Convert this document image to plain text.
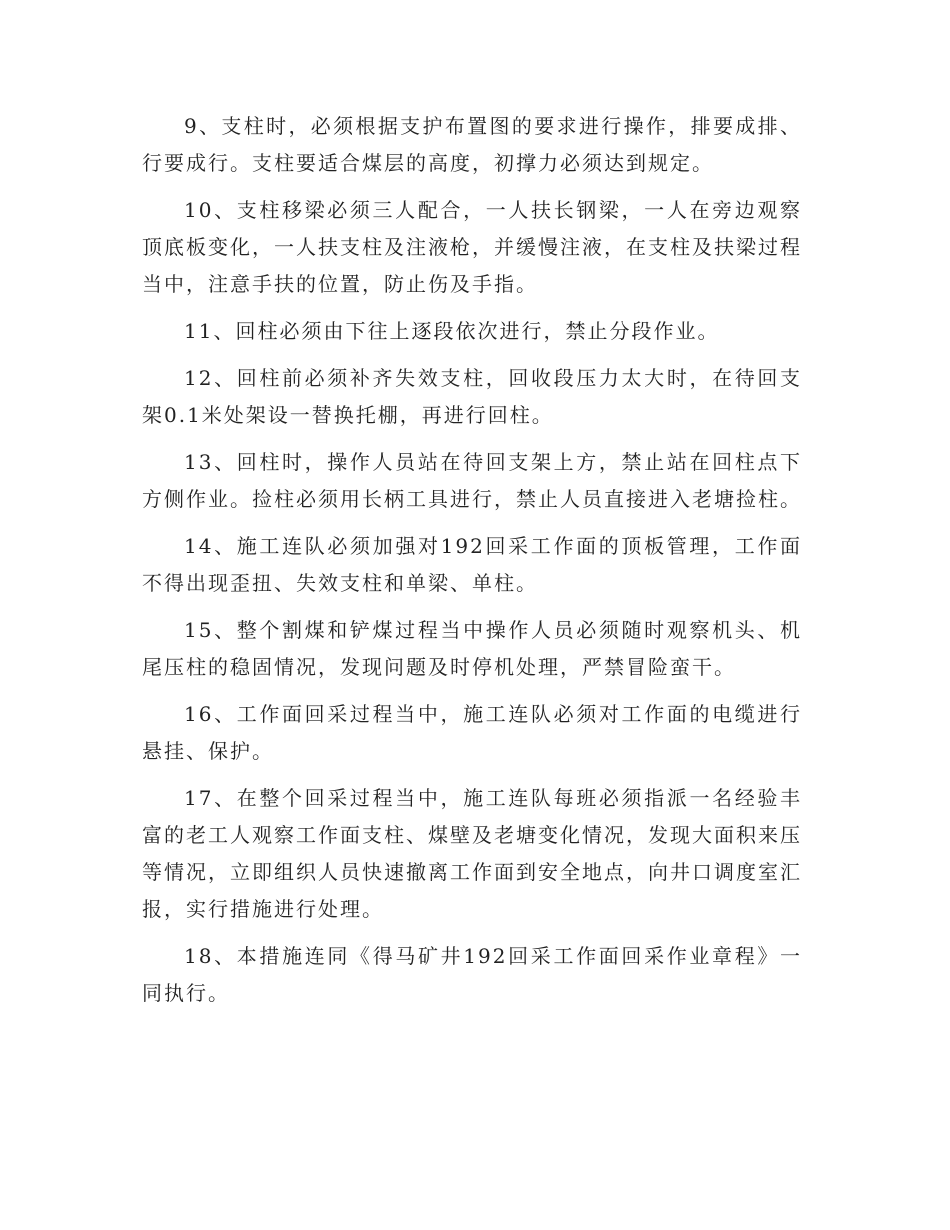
9、支柱时，必须根据支护布置图的要求进行操作，排要成排、行要成行。支柱要适合煤层的高度，初撑力必须达到规定。

10、支柱移梁必须三人配合，一人扶长钢梁，一人在旁边观察顶底板变化，一人扶支柱及注液枪，并缓慢注液，在支柱及扶梁过程当中，注意手扶的位置，防止伤及手指。

11、回柱必须由下往上逐段依次进行，禁止分段作业。

12、回柱前必须补齐失效支柱，回收段压力太大时，在待回支架0.1米处架设一替换托棚，再进行回柱。

13、回柱时，操作人员站在待回支架上方，禁止站在回柱点下方侧作业。捡柱必须用长柄工具进行，禁止人员直接进入老塘捡柱。

14、施工连队必须加强对192回采工作面的顶板管理，工作面不得出现歪扭、失效支柱和单梁、单柱。

15、整个割煤和铲煤过程当中操作人员必须随时观察机头、机尾压柱的稳固情况，发现问题及时停机处理，严禁冒险蛮干。

16、工作面回采过程当中，施工连队必须对工作面的电缆进行悬挂、保护。

17、在整个回采过程当中，施工连队每班必须指派一名经验丰富的老工人观察工作面支柱、煤壁及老塘变化情况，发现大面积来压等情况，立即组织人员快速撤离工作面到安全地点，向井口调度室汇报，实行措施进行处理。

18、本措施连同《得马矿井192回采工作面回采作业章程》一同执行。
